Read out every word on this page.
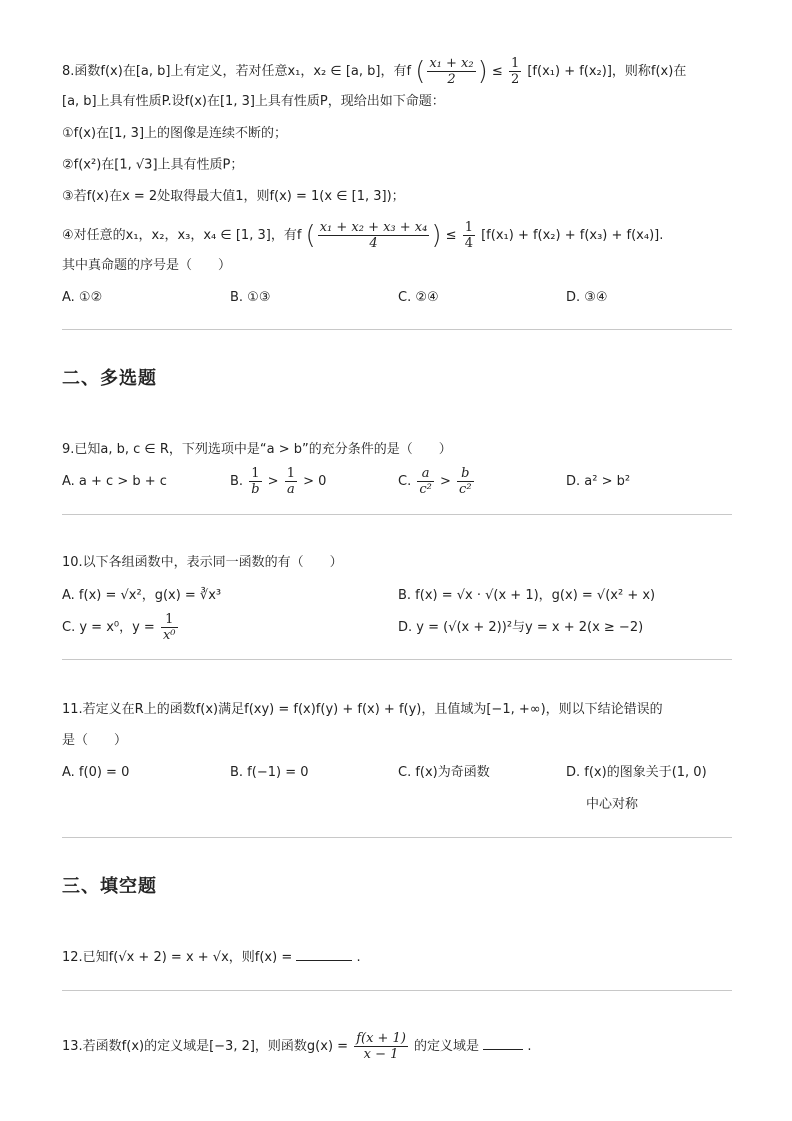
8.函数f(x)在[a, b]上有定义，若对任意x₁，x₂ ∈ [a, b]，有f ( $\frac{\text{x₁ + x₂}}{2}$ ) ≤ $\frac{1}{2} [f(x_1) + f(x_2)]$，则称f(x)在
[a, b]上具有性质P.设f(x)在[1, 3]上具有性质P，现给出如下命题：
①f(x)在[1, 3]上的图像是连续不断的；
②f(x²)在[1, √3]上具有性质P；
③若f(x)在x = 2处取得最大值1，则f(x) = 1(x ∈ [1, 3])；
④对任意的x₁，x₂，x₃，x₄ ∈ [1, 3]，有f ( $\frac{\text{x₁ + x₂ + x₃ + x₄}}{4}$ ) ≤ $\frac{1}{4} [f(x_1) + f(x_2) + f(x_3) + f(x_4)]$.
其中真命题的序号是（　　）
A. ①②	B. ①③	C. ②④	D. ③④
二、多选题
9.已知a, b, c ∈ R，下列选项中是“a > b”的充分条件的是（　　）
A. a + c > b + c	B. $\frac{1}{b} > \frac{1}{a} > 0$	C. $\frac{a}{\text{c²}} > \frac{b}{\text{c²}}$	D. a² > b²
10.以下各组函数中，表示同一函数的有（　　）
A. f(x) = √x²，g(x) = ∛x³	B. f(x) = √x · √(x + 1)，g(x) = √(x² + x)
C. y = x⁰，$y = \frac{1}{\text{x⁰}}$	D. y = (√(x + 2))²与y = x + 2(x ≥ −2)
11.若定义在R上的函数f(x)满足f(xy) = f(x)f(y) + f(x) + f(y)，且值域为[−1, +∞)，则以下结论错误的
是（　　）
A. f(0) = 0	B. f(−1) = 0	C. f(x)为奇函数	D. f(x)的图象关于(1, 0)
中心对称
三、填空题
12.已知f(√x + 2) = x + √x，则f(x) =	.
13.若函数f(x)的定义域是[−3, 2]，则函数$g(x) = \frac{f(x + 1)}{x - 1}$ 的定义域是	.
